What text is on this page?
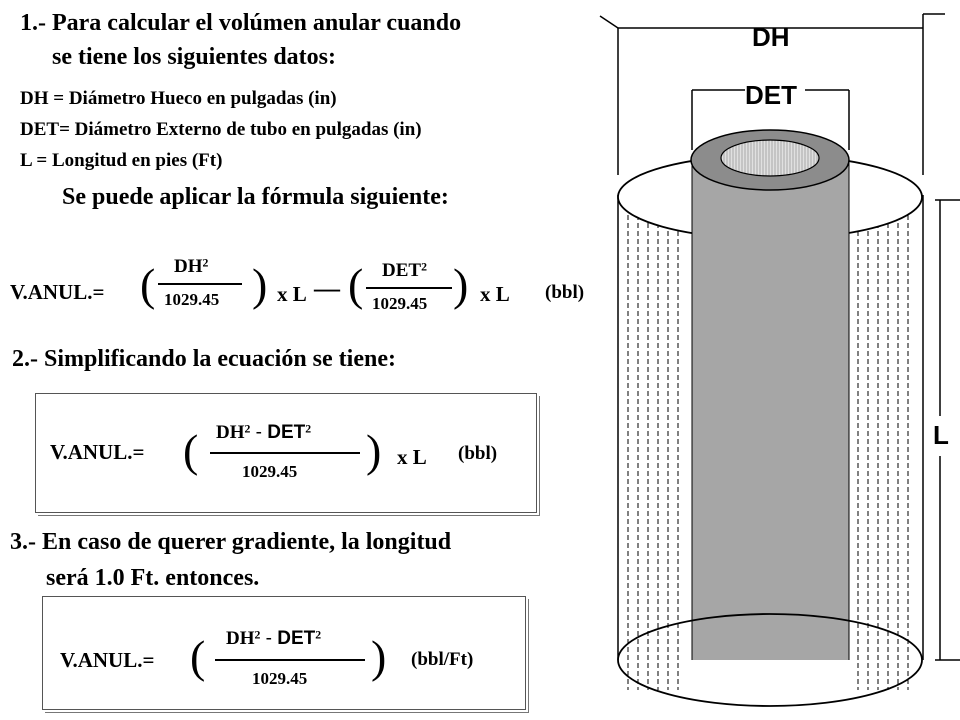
1.- Para calcular el volúmen anular cuando
se tiene los siguientes datos:
DH = Diámetro Hueco en pulgadas (in)
DET= Diámetro Externo de tubo en pulgadas (in)
L = Longitud en pies (Ft)
Se puede aplicar la fórmula siguiente:
V.ANUL.= ( $DH^2$
1029.45 ) x L — ( DET$^2$
1029.45 ) x L (bbl)
2.- Simplificando la ecuación se tiene:
V.ANUL.= ( $DH^2 - DET^2$
1029.45 ) x L (bbl)
3.- En caso de querer gradiente, la longitud
será 1.0 Ft. entonces.
V.ANUL.= ( $DH^2 - DET^2$
1029.45 ) (bbl/Ft)
DH
DET
L
